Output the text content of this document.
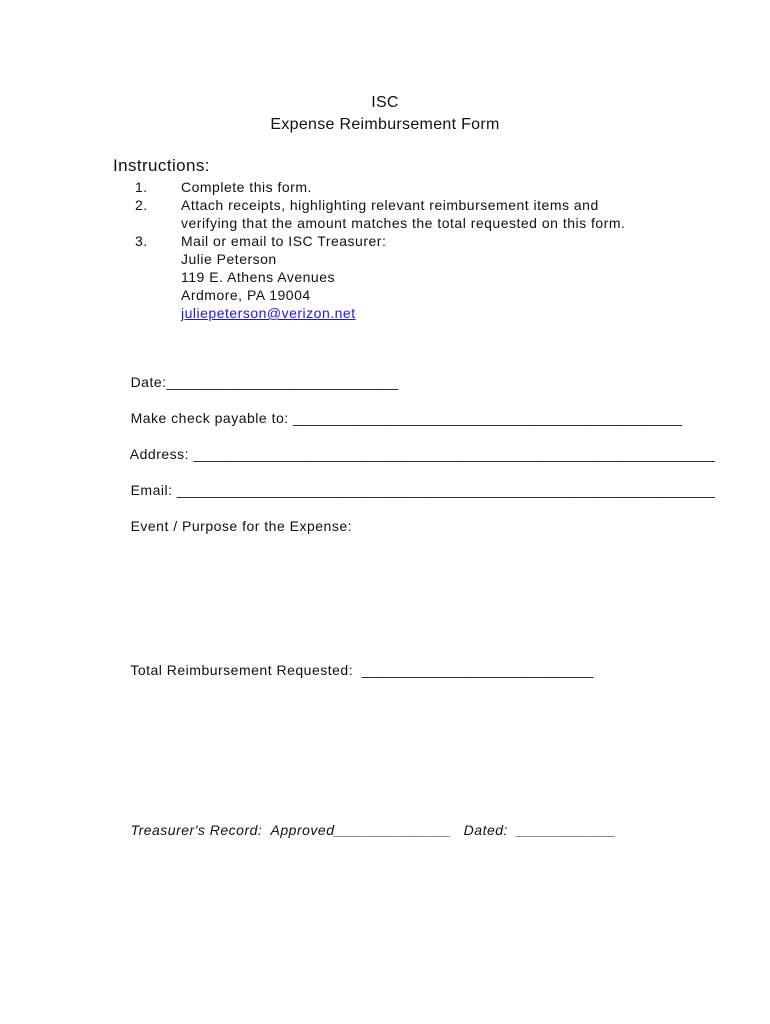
ISC
Expense Reimbursement Form
Instructions:
1.	Complete this form.
2.	Attach receipts, highlighting relevant reimbursement items and
verifying that the amount matches the total requested on this form.
3.	Mail or email to ISC Treasurer:
Julie Peterson
119 E. Athens Avenues
Ardmore, PA 19004
juliepeterson@verizon.net

Date:____________________________

Make check payable to: _______________________________________________

Address: _______________________________________________________________

Email: _________________________________________________________________

Event / Purpose for the Expense:

Total Reimbursement Requested:  ____________________________

Treasurer's Record:  Approved______________   Dated:  ____________
